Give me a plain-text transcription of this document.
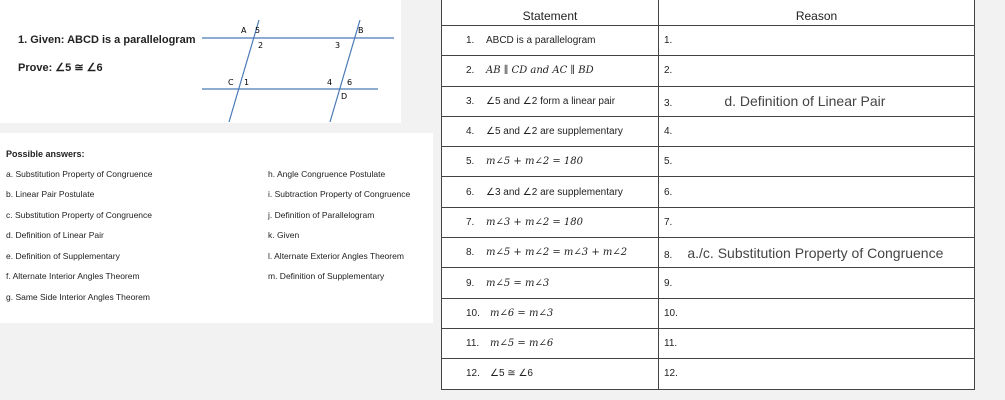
1. Given: ABCD is a parallelogram
Prove: ∠5 ≅ ∠6
A 5
2
B
3
C 1	4 6
D
Possible answers:
a. Substitution Property of Congruence
b. Linear Pair Postulate
c. Substitution Property of Congruence
d. Definition of Linear Pair
e. Definition of Supplementary
f. Alternate Interior Angles Theorem
g. Same Side Interior Angles Theorem
h. Angle Congruence Postulate
i. Subtraction Property of Congruence
j. Definition of Parallelogram
k. Given
l. Alternate Exterior Angles Theorem
m. Definition of Supplementary
Statement	Reason
1. ABCD is a parallelogram	1.
2. AB ∥ CD and AC ∥ BD	2.
3. ∠5 and ∠2 form a linear pair	3. d. Definition of Linear Pair
4. ∠5 and ∠2 are supplementary	4.
5. m∠5 + m∠2 = 180	5.
6. ∠3 and ∠2 are supplementary	6.
7. m∠3 + m∠2 = 180	7.
8. m∠5 + m∠2 = m∠3 + m∠2	8. a./c. Substitution Property of Congruence
9. m∠5 = m∠3	9.
10. m∠6 = m∠3	10.
11. m∠5 = m∠6	11.
12. ∠5 ≅ ∠6	12.
